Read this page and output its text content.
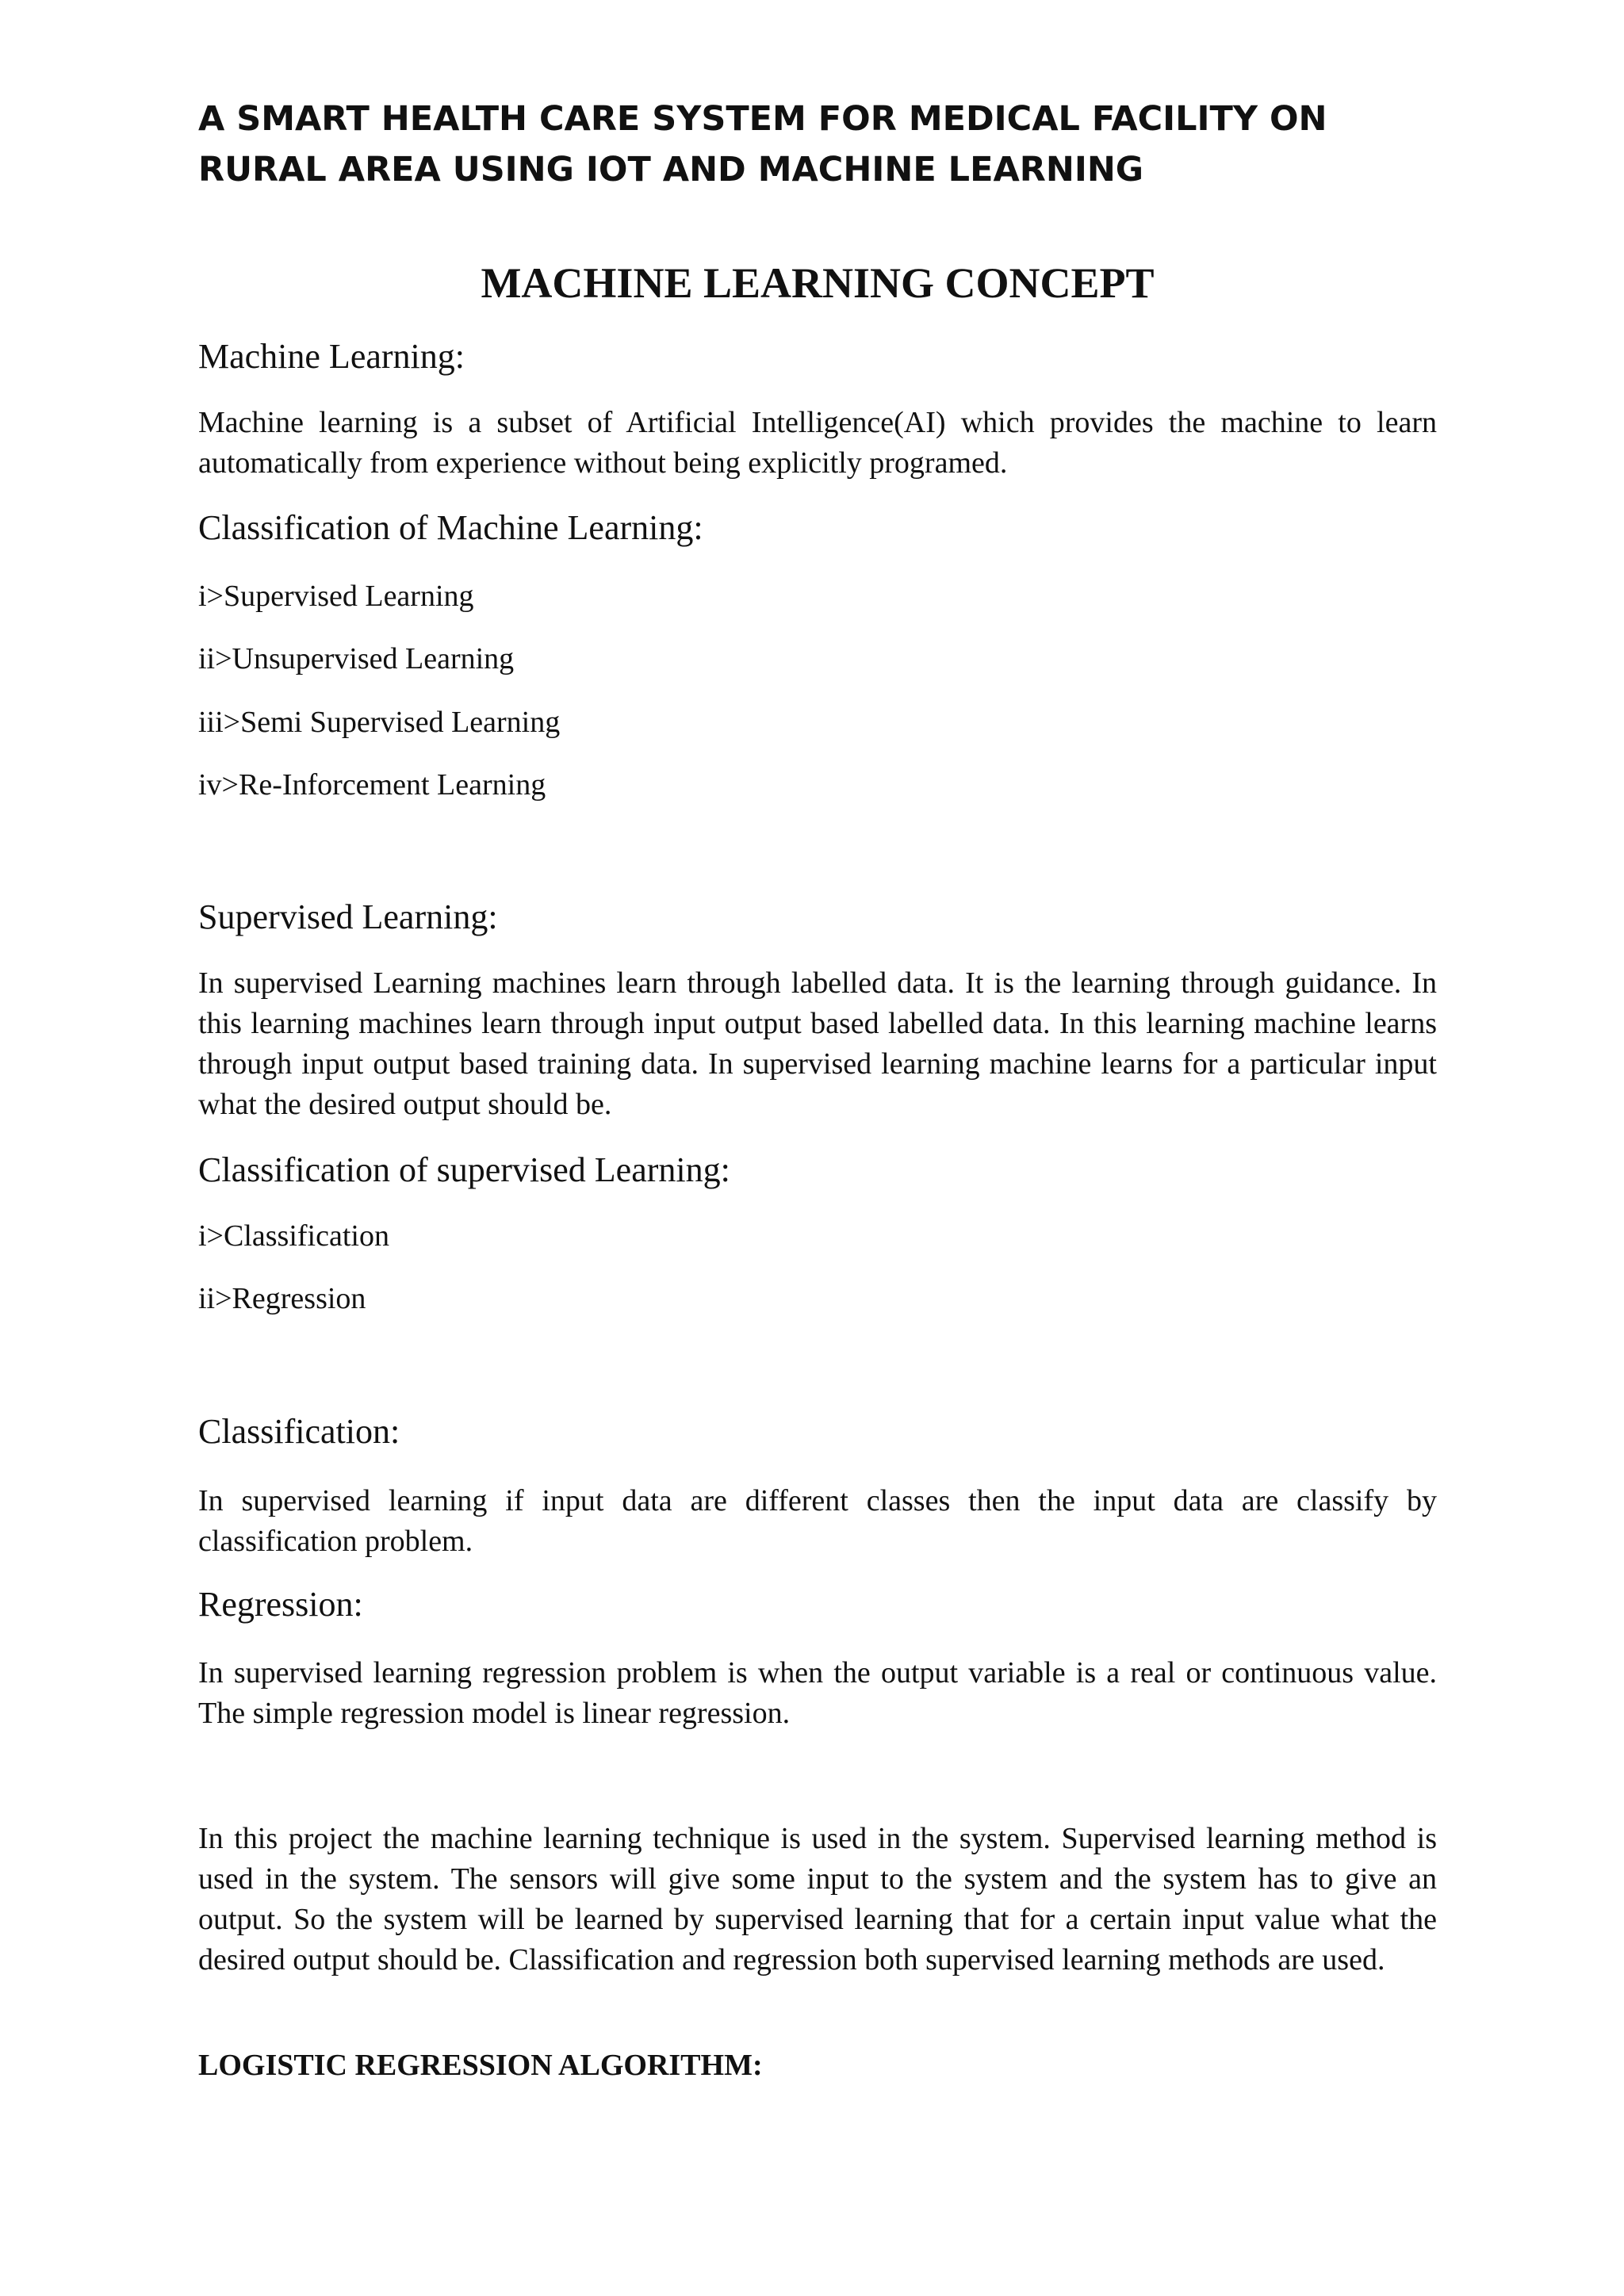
A SMART HEALTH CARE SYSTEM FOR MEDICAL FACILITY ON RURAL AREA USING IOT AND MACHINE LEARNING
MACHINE LEARNING CONCEPT
Machine Learning:

Machine learning is a subset of Artificial Intelligence(AI) which provides the machine to learn automatically from experience without being explicitly programed.

Classification of Machine Learning:

i>Supervised Learning

ii>Unsupervised Learning

iii>Semi Supervised Learning

iv>Re-Inforcement Learning

Supervised Learning:

In supervised Learning machines learn through labelled data. It is the learning through guidance. In this learning machines learn through input output based labelled data. In this learning machine learns through input output based training data. In supervised learning machine learns for a particular input what the desired output should be.

Classification of supervised Learning:

i>Classification

ii>Regression

Classification:

In supervised learning if input data are different classes then the input data are classify by classification problem.

Regression:

In supervised learning regression problem is when the output variable is a real or continuous value. The simple regression model is linear regression.

In this project the machine learning technique is used in the system. Supervised learning method is used in the system. The sensors will give some input to the system and the system has to give an output. So the system will be learned by supervised learning that for a certain input value what the desired output should be. Classification and regression both supervised learning methods are used.

LOGISTIC REGRESSION ALGORITHM:
